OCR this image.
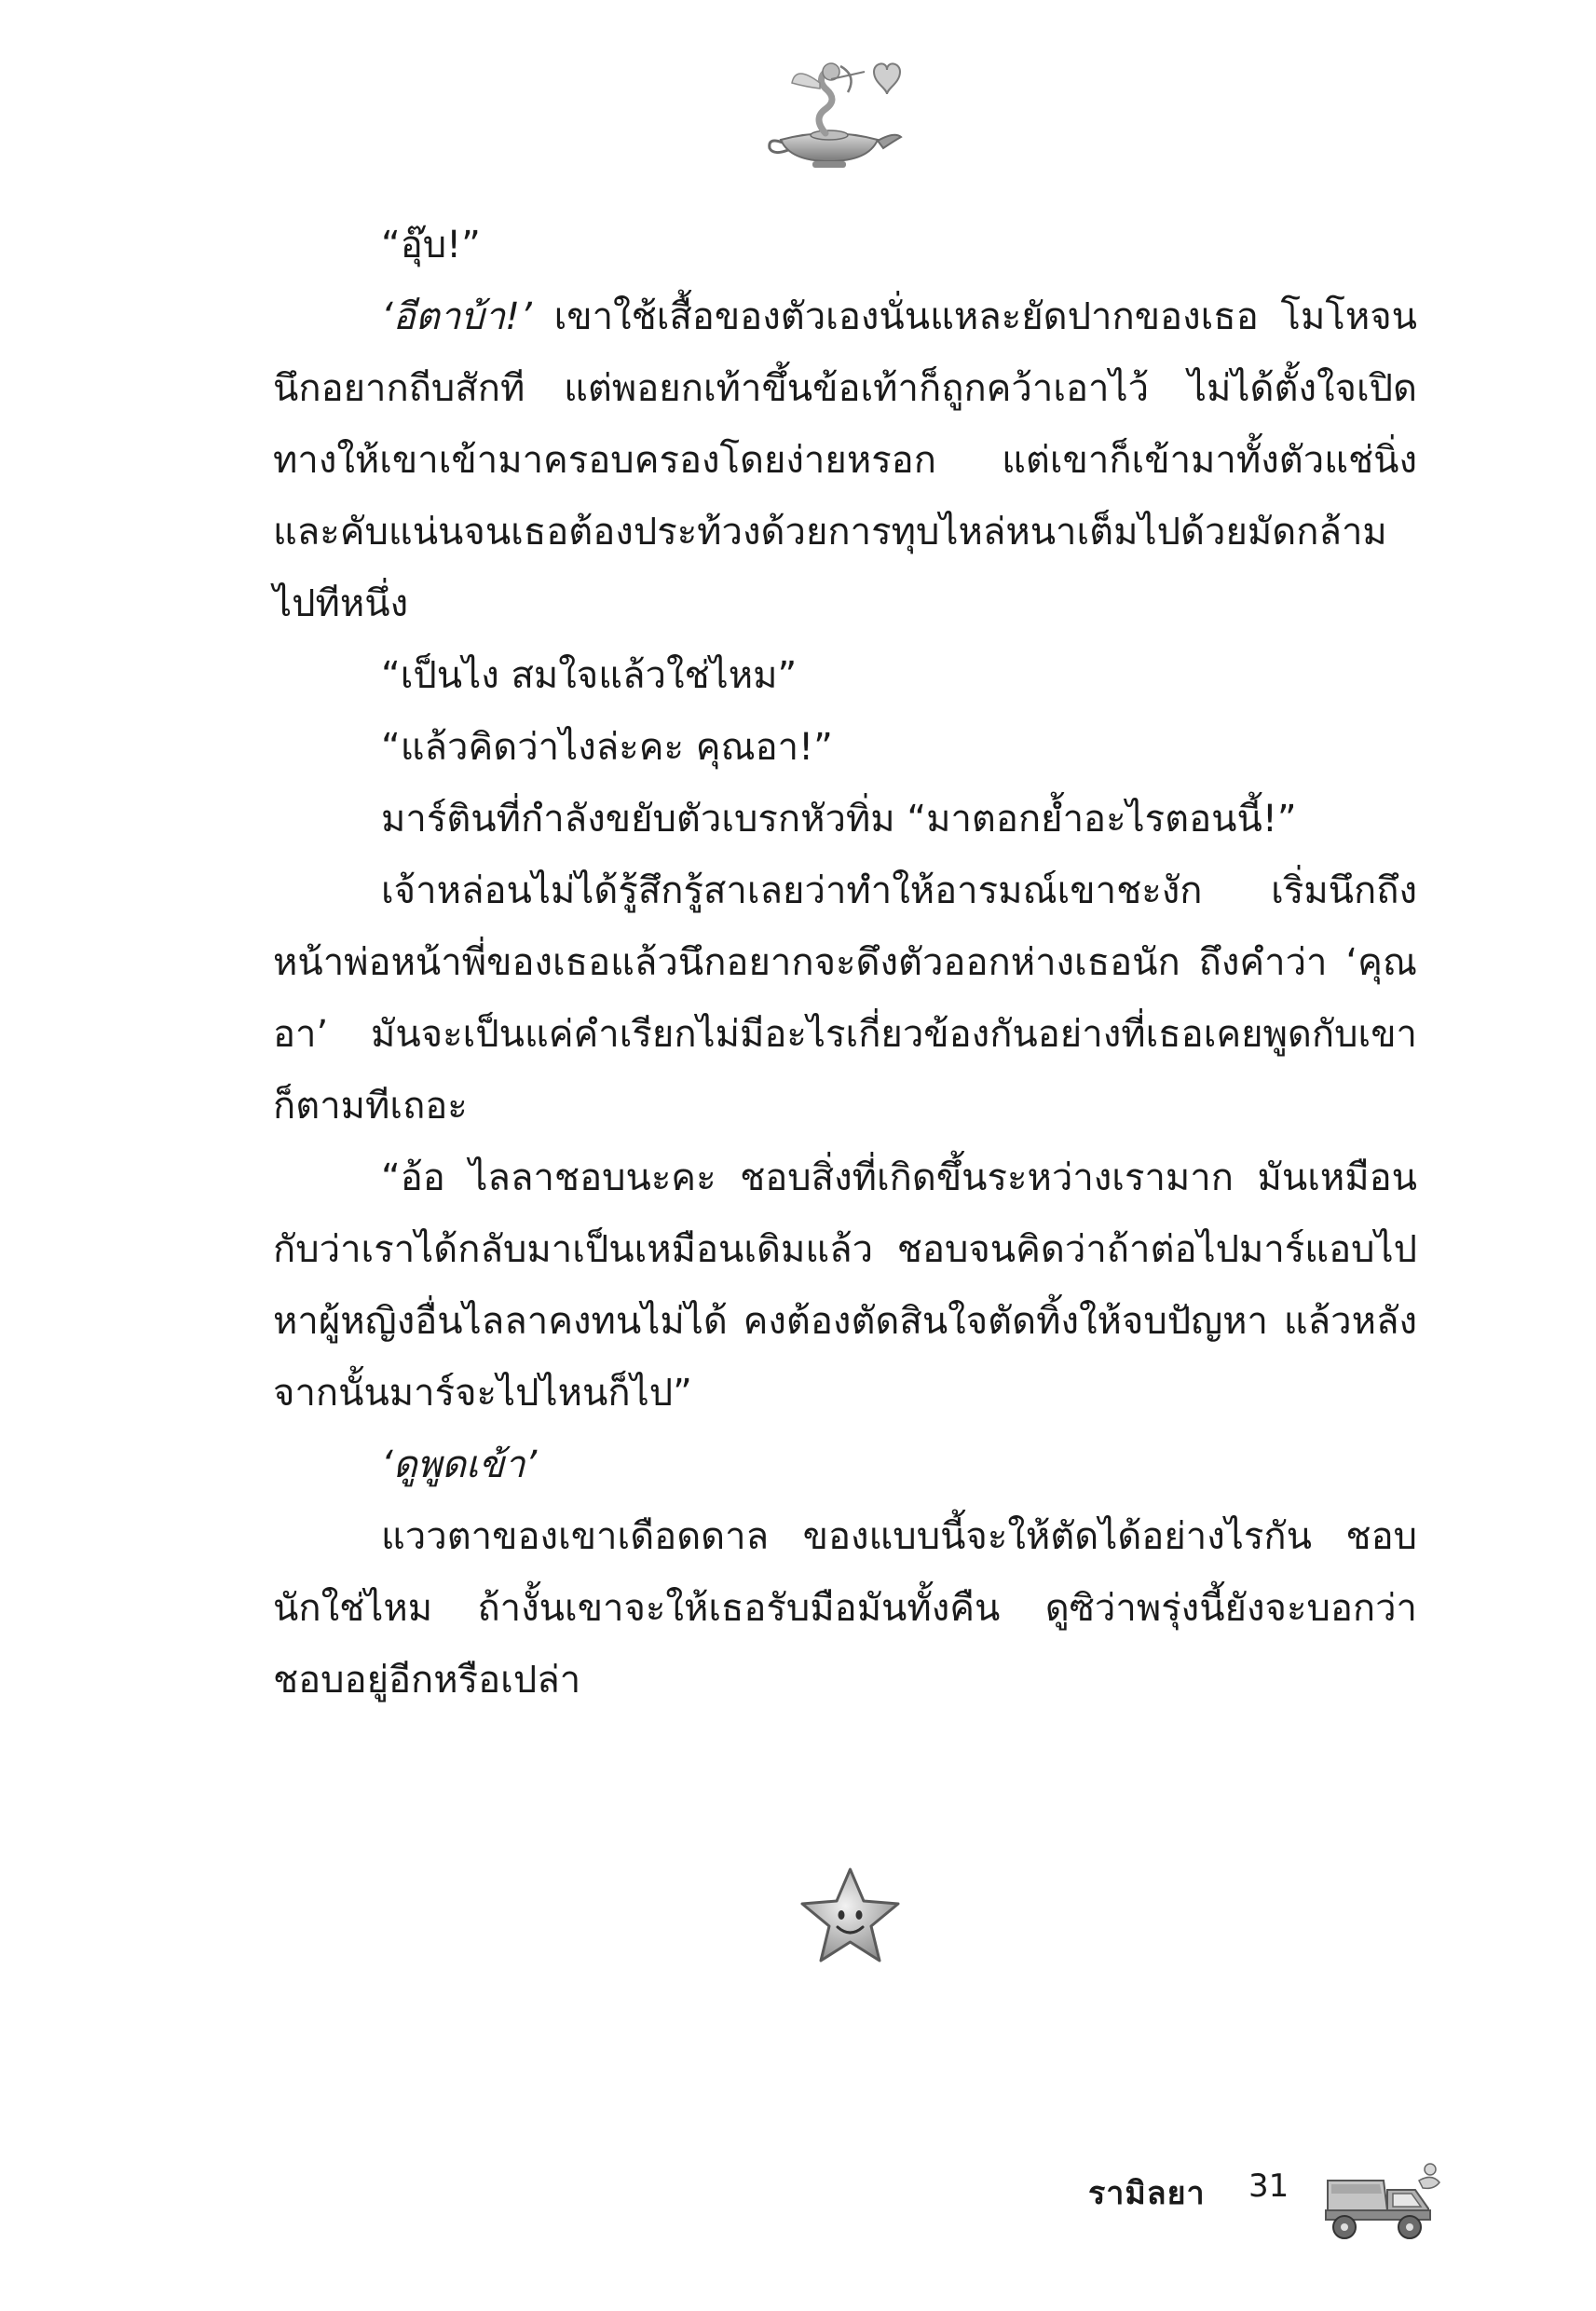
“อุ๊บ!”

‘อีตาบ้า!’ เขาใช้เสื้อของตัวเองนั่นแหละยัดปากของเธอ โมโหจนนึกอยากถีบสักที แต่พอยกเท้าขึ้นข้อเท้าก็ถูกคว้าเอาไว้ ไม่ได้ตั้งใจเปิดทางให้เขาเข้ามาครอบครองโดยง่ายหรอก แต่เขาก็เข้ามาทั้งตัวแช่นิ่งและคับแน่นจนเธอต้องประท้วงด้วยการทุบไหล่หนาเต็มไปด้วยมัดกล้ามไปทีหนึ่ง

“เป็นไง สมใจแล้วใช่ไหม”

“แล้วคิดว่าไงล่ะคะ คุณอา!”

มาร์ตินที่กำลังขยับตัวเบรกหัวทิ่ม “มาตอกย้ำอะไรตอนนี้!”

เจ้าหล่อนไม่ได้รู้สึกรู้สาเลยว่าทำให้อารมณ์เขาชะงัก เริ่มนึกถึงหน้าพ่อหน้าพี่ของเธอแล้วนึกอยากจะดึงตัวออกห่างเธอนัก ถึงคำว่า ‘คุณอา’ มันจะเป็นแค่คำเรียกไม่มีอะไรเกี่ยวข้องกันอย่างที่เธอเคยพูดกับเขาก็ตามทีเถอะ

“อ้อ ไลลาชอบนะคะ ชอบสิ่งที่เกิดขึ้นระหว่างเรามาก มันเหมือนกับว่าเราได้กลับมาเป็นเหมือนเดิมแล้ว ชอบจนคิดว่าถ้าต่อไปมาร์แอบไปหาผู้หญิงอื่นไลลาคงทนไม่ได้ คงต้องตัดสินใจตัดทิ้งให้จบปัญหา แล้วหลังจากนั้นมาร์จะไปไหนก็ไป”

‘ดูพูดเข้า’

แววตาของเขาเดือดดาล ของแบบนี้จะให้ตัดได้อย่างไรกัน ชอบนักใช่ไหม ถ้างั้นเขาจะให้เธอรับมือมันทั้งคืน ดูซิว่าพรุ่งนี้ยังจะบอกว่าชอบอยู่อีกหรือเปล่า

รามิลยา 31
